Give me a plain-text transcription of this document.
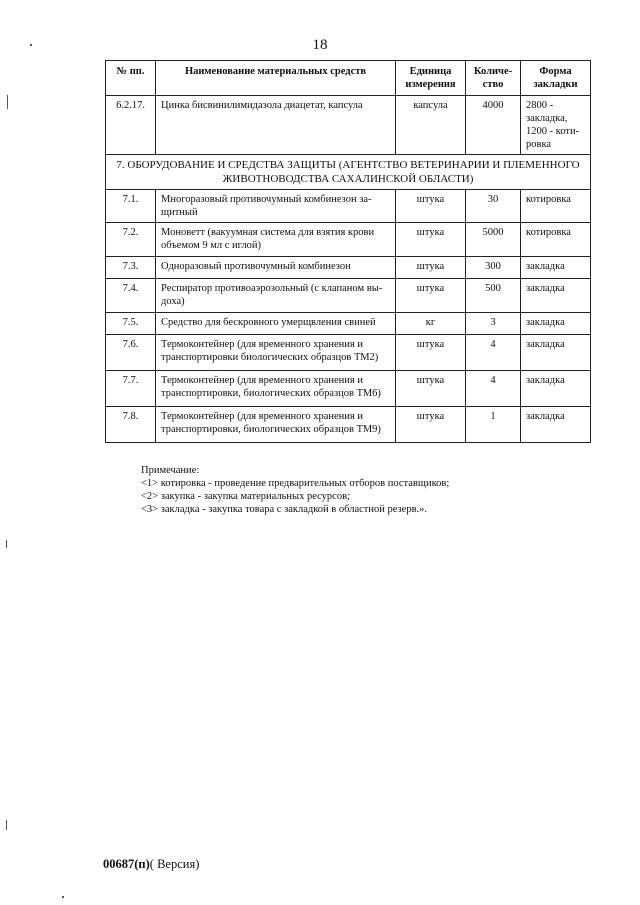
18
№ пп.	Наименование материальных средств	Единица измерения	Количе-ство	Форма закладки
6.2.17.	Цинка бисвинилимидазола диацетат, капсула	капсула	4000	2800 - закладка, 1200 - коти-ровка
7. ОБОРУДОВАНИЕ И СРЕДСТВА ЗАЩИТЫ (АГЕНТСТВО ВЕТЕРИНАРИИ И ПЛЕМЕННОГО ЖИВОТНОВОДСТВА САХАЛИНСКОЙ ОБЛАСТИ)				
7.1.	Многоразовый противочумный комбинезон за-щитный	штука	30	котировка
7.2.	Моноветт (вакуумная система для взятия крови объемом 9 мл с иглой)	штука	5000	котировка
7.3.	Одноразовый противочумный комбинезон	штука	300	закладка
7.4.	Респиратор противоаэрозольный (с клапаном вы-доха)	штука	500	закладка
7.5.	Средство для бескровного умерщвления свиней	кг	3	закладка
7.6.	Термоконтейнер (для временного хранения и транспортировки биологических образцов ТМ2)	штука	4	закладка
7.7.	Термоконтейнер (для временного хранения и транспортировки, биологических образцов ТМ6)	штука	4	закладка
7.8.	Термоконтейнер (для временного хранения и транспортировки, биологических образцов ТМ9)	штука	1	закладка
Примечание:
<1> котировка - проведение предварительных отборов поставщиков;
<2> закупка - закупка материальных ресурсов;
<3> закладка - закупка товара с закладкой в областной резерв.».
00687(п)( Версия)
